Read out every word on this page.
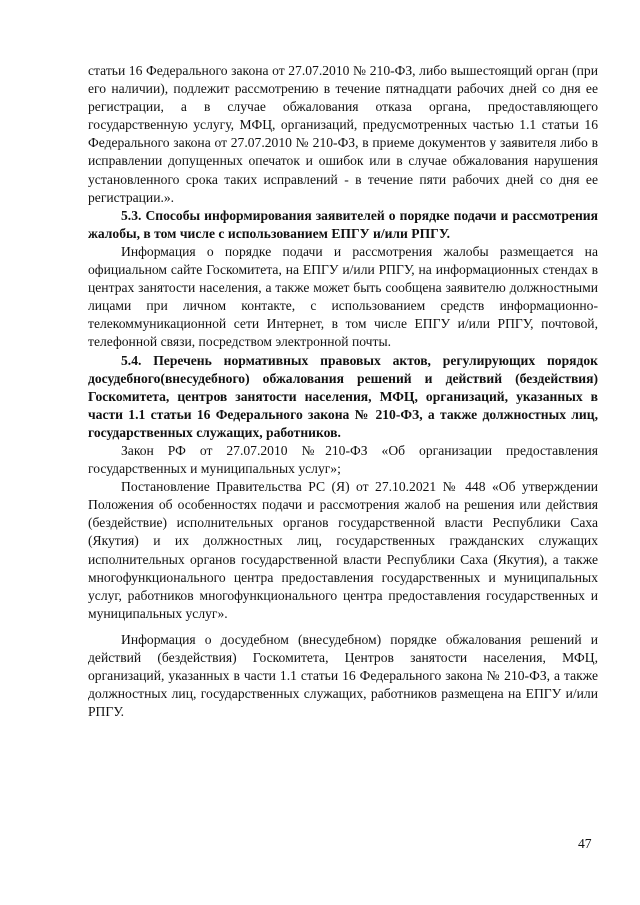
статьи 16 Федерального закона от 27.07.2010 № 210-ФЗ, либо вышестоящий орган (при его наличии), подлежит рассмотрению в течение пятнадцати рабочих дней со дня ее регистрации, а в случае обжалования отказа органа, предоставляющего государственную услугу, МФЦ, организаций, предусмотренных частью 1.1 статьи 16 Федерального закона от 27.07.2010 № 210-ФЗ, в приеме документов у заявителя либо в исправлении допущенных опечаток и ошибок или в случае обжалования нарушения установленного срока таких исправлений - в течение пяти рабочих дней со дня ее регистрации.».

5.3. Способы информирования заявителей о порядке подачи и рассмотрения жалобы, в том числе с использованием ЕПГУ и/или РПГУ.

Информация о порядке подачи и рассмотрения жалобы размещается на официальном сайте Госкомитета, на ЕПГУ и/или РПГУ, на информационных стендах в центрах занятости населения, а также может быть сообщена заявителю должностными лицами при личном контакте, с использованием средств информационно-телекоммуникационной сети Интернет, в том числе ЕПГУ и/или РПГУ, почтовой, телефонной связи, посредством электронной почты.

5.4. Перечень нормативных правовых актов, регулирующих порядок досудебного(внесудебного) обжалования решений и действий (бездействия) Госкомитета, центров занятости населения, МФЦ, организаций, указанных в части 1.1 статьи 16 Федерального закона № 210-ФЗ, а также должностных лиц, государственных служащих, работников.

Закон РФ от 27.07.2010 №210-ФЗ «Об организации предоставления государственных и муниципальных услуг»;

Постановление Правительства РС (Я) от 27.10.2021 № 448 «Об утверждении Положения об особенностях подачи и рассмотрения жалоб на решения или действия (бездействие) исполнительных органов государственной власти Республики Саха (Якутия) и их должностных лиц, государственных гражданских служащих исполнительных органов государственной власти Республики Саха (Якутия), а также многофункционального центра предоставления государственных и муниципальных услуг, работников многофункционального центра предоставления государственных и муниципальных услуг».

Информация о досудебном (внесудебном) порядке обжалования решений и действий (бездействия) Госкомитета, Центров занятости населения, МФЦ, организаций, указанных в части 1.1 статьи 16 Федерального закона № 210-ФЗ, а также должностных лиц, государственных служащих, работников размещена на ЕПГУ и/или РПГУ.

47
